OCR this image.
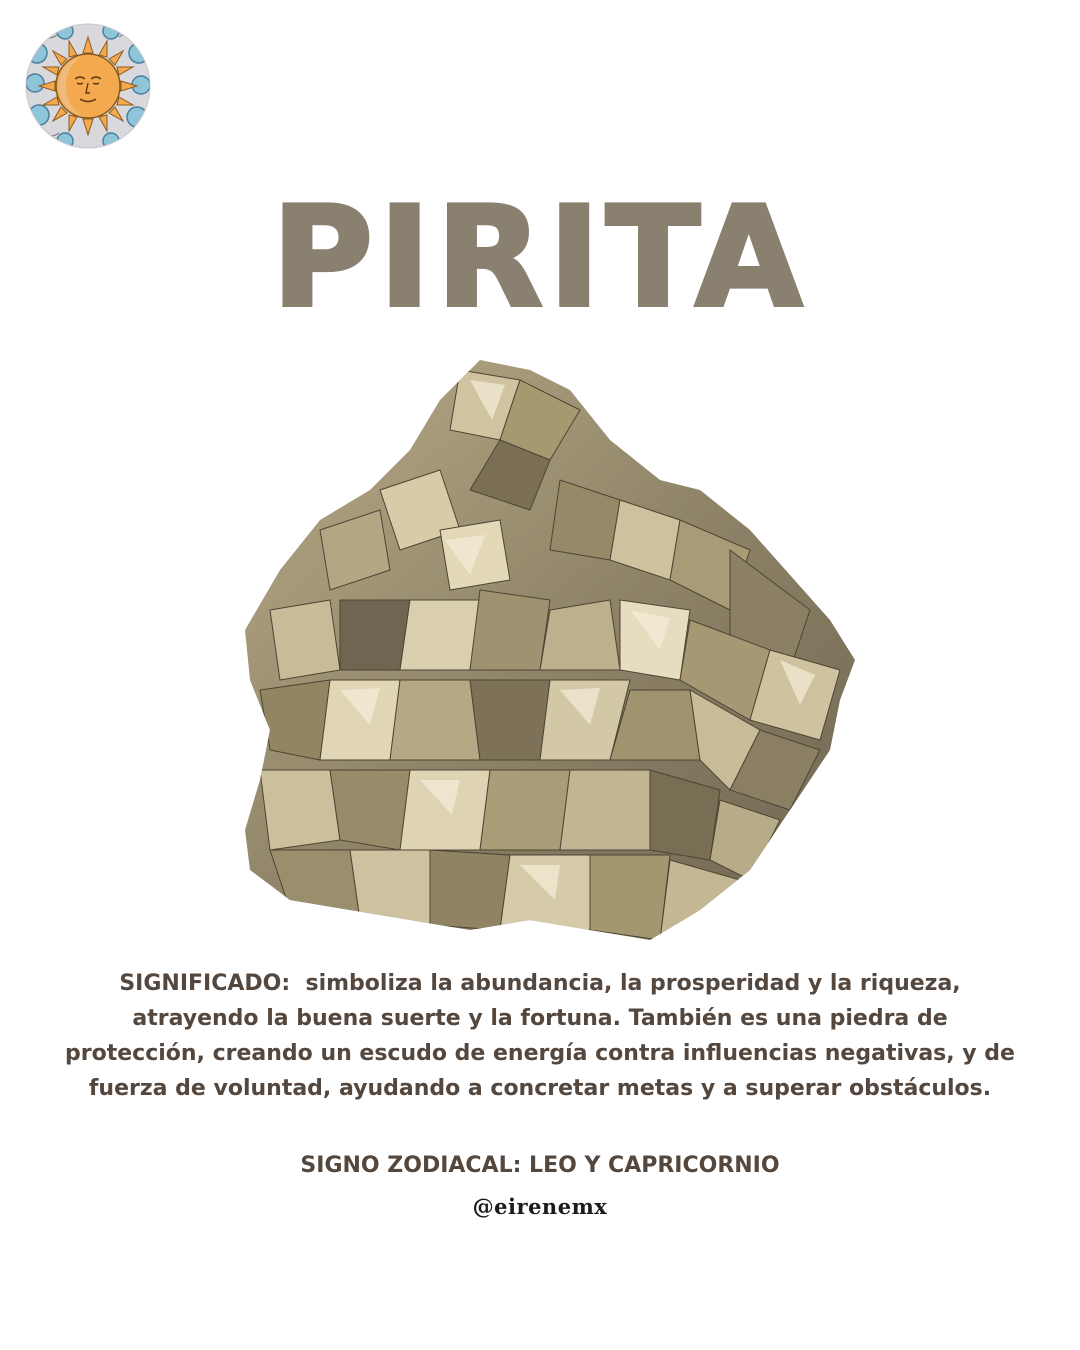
PIRITA
SIGNIFICADO: simboliza la abundancia, la prosperidad y la riqueza, atrayendo la buena suerte y la fortuna. También es una piedra de protección, creando un escudo de energía contra influencias negativas, y de fuerza de voluntad, ayudando a concretar metas y a superar obstáculos.
SIGNO ZODIACAL: LEO Y CAPRICORNIO
@eirenemx
